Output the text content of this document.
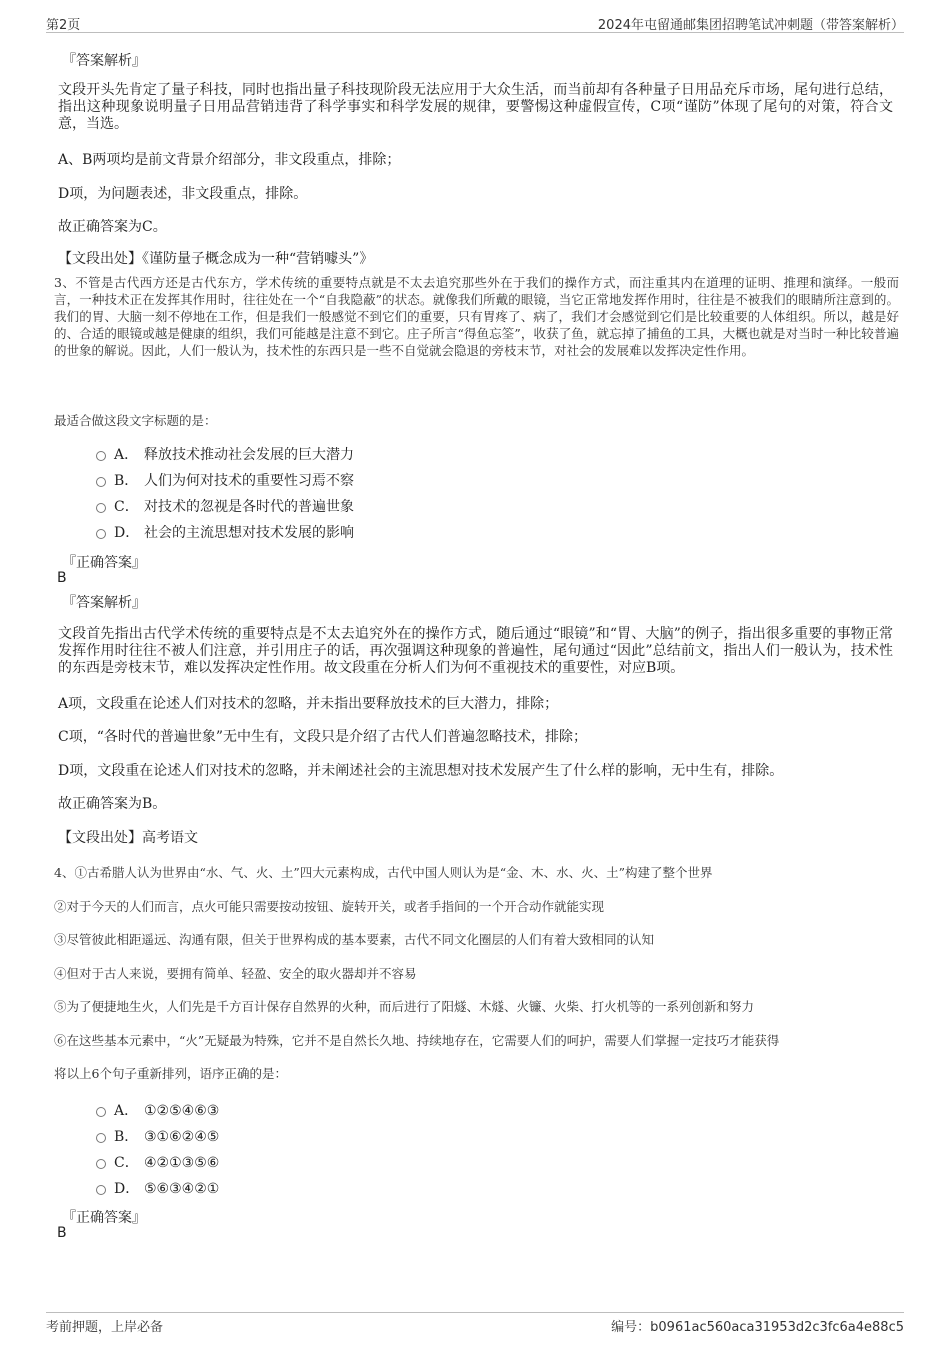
第2页	2024年屯留通邮集团招聘笔试冲刺题（带答案解析）
『答案解析』
文段开头先肯定了量子科技，同时也指出量子科技现阶段无法应用于大众生活，而当前却有各种量子日用品充斥市场，尾句进行总结，指出这种现象说明量子日用品营销违背了科学事实和科学发展的规律，要警惕这种虚假宣传，C项“谨防”体现了尾句的对策，符合文意，当选。
A、B两项均是前文背景介绍部分，非文段重点，排除；
D项，为问题表述，非文段重点，排除。
故正确答案为C。
【文段出处】《谨防量子概念成为一种“营销噱头”》
3、不管是古代西方还是古代东方，学术传统的重要特点就是不太去追究那些外在于我们的操作方式，而注重其内在道理的证明、推理和演绎。一般而言，一种技术正在发挥其作用时，往往处在一个“自我隐蔽”的状态。就像我们所戴的眼镜，当它正常地发挥作用时，往往是不被我们的眼睛所注意到的。我们的胃、大脑一刻不停地在工作，但是我们一般感觉不到它们的重要，只有胃疼了、病了，我们才会感觉到它们是比较重要的人体组织。所以，越是好的、合适的眼镜或越是健康的组织，我们可能越是注意不到它。庄子所言“得鱼忘筌”，收获了鱼，就忘掉了捕鱼的工具，大概也就是对当时一种比较普遍的世象的解说。因此，人们一般认为，技术性的东西只是一些不自觉就会隐退的旁枝末节，对社会的发展难以发挥决定性作用。
最适合做这段文字标题的是：
A． 释放技术推动社会发展的巨大潜力
B． 人们为何对技术的重要性习焉不察
C． 对技术的忽视是各时代的普遍世象
D． 社会的主流思想对技术发展的影响
『正确答案』
B
『答案解析』
文段首先指出古代学术传统的重要特点是不太去追究外在的操作方式，随后通过“眼镜”和“胃、大脑”的例子，指出很多重要的事物正常发挥作用时往往不被人们注意，并引用庄子的话，再次强调这种现象的普遍性，尾句通过“因此”总结前文，指出人们一般认为，技术性的东西是旁枝末节，难以发挥决定性作用。故文段重在分析人们为何不重视技术的重要性，对应B项。
A项，文段重在论述人们对技术的忽略，并未指出要释放技术的巨大潜力，排除；
C项，“各时代的普遍世象”无中生有，文段只是介绍了古代人们普遍忽略技术，排除；
D项，文段重在论述人们对技术的忽略，并未阐述社会的主流思想对技术发展产生了什么样的影响，无中生有，排除。
故正确答案为B。
【文段出处】高考语文
4、①古希腊人认为世界由“水、气、火、土”四大元素构成，古代中国人则认为是“金、木、水、火、土”构建了整个世界
②对于今天的人们而言，点火可能只需要按动按钮、旋转开关，或者手指间的一个开合动作就能实现
③尽管彼此相距遥远、沟通有限，但关于世界构成的基本要素，古代不同文化圈层的人们有着大致相同的认知
④但对于古人来说，要拥有简单、轻盈、安全的取火器却并不容易
⑤为了便捷地生火，人们先是千方百计保存自然界的火种，而后进行了阳燧、木燧、火镰、火柴、打火机等的一系列创新和努力
⑥在这些基本元素中，“火”无疑最为特殊，它并不是自然长久地、持续地存在，它需要人们的呵护，需要人们掌握一定技巧才能获得
将以上6个句子重新排列，语序正确的是：
A． ①②⑤④⑥③
B． ③①⑥②④⑤
C． ④②①③⑤⑥
D． ⑤⑥③④②①
『正确答案』
B
考前押题，上岸必备	编号：b0961ac560aca31953d2c3fc6a4e88c5
